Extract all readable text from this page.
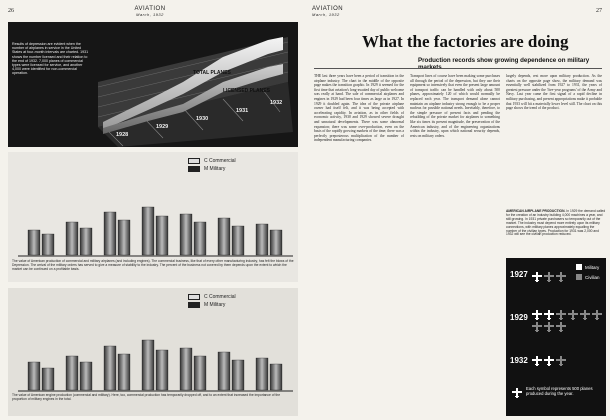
26	AVIATION
March, 1932
Results of depression are evident when the number of airplanes in service in the United States at four-month intervals are charted. 1931 shows the number licensed and their relation to the end of 1932. 7,000 planes of commercial types were licensed for service, and another 4,000 were identified for non-commercial operation.	TOTAL PLANES
LICENSED PLANES
1928
1929
1930
1931
1932
C Commercial
M Military
The value of American production of commercial and military airplanes (and including engines). The commercial business, like that of every other manufacturing industry, has felt the blows of the Depression. The arrival of the military orders has served to give a measure of stability to the industry. The percent of the business not covered by them depends upon the extent to which the market can be continued on a profitable basis.
C Commercial
M Military
The value of American engine production (commercial and military). Here, too, commercial production has temporarily dropped off, and to an extent that increased the importance of the proportion of military engines in the total.
27
AVIATION
March, 1932
What the factories are doing
Production records show growing dependence on military
THE last three years have been a period of transition in the airplane industry. The chart in the middle of the opposite page makes the transition graphic. In 1929 it seemed for the first time that aviation's long-awaited day of public welcome was really at hand. The sale of commercial airplanes and engines in 1929 had been four times as large as in 1927. In 1929 it doubled again. The idea of the private airplane owner had itself felt, and it was being accepted with accelerating rapidity. In aviation, as in other fields of economic activity, 1930 and 1929 showed severe drought and unnatural developments. There was some abnormal expansion; there was some over-production, even on the basis of the rapidly growing markets of the time; there was a perfectly preposterous multiplication of the number of independent manufacturing companies.
Transport lines of course have been making some purchases all through the period of the depression, but they use their equipment so intensively that even the present large amount of transport traffic can be handled with only about 500 planes, approximately 120 of which would normally be replaced each year. The transport demand alone cannot maintain an airplane industry strong enough to be a proper nucleus for possible national needs. Inevitably, therefore, to the simple pressure of present facts and pending the rebuilding of the private market for airplanes to something like six times its present magnitude, the preservation of the American industry, and of the engineering organizations within the industry, upon which national security depends, rests on military orders.
largely depends, rest more upon military production. As the charts on the opposite page show, the military demand was essentially well stabilized from 1927 to 1931, the years of greatest pressure under the 'five-year programs' of the Army and Navy. Last year came the first signal of a rapid decline in military purchasing, and present appropriations make it probable that 1933 will hit a materially lower level still. The chart on this page shows the trend of the product.
AMERICAN AIRPLANE PRODUCTION. In 1929 the demand called for the creation of an industry building 4,000 machines a year, and still growing. In 1931 private purchasers so temporarily out of the market. The industry must depend more entirely upon its military connections, with military planes approximately equalling the number of the civilian types. Production for 1931 was 2,000 and 1932 will see the civilian production reduced.
1927
1929
1932
Military
Civilian
Each symbol represents 500 planes produced during the year.
